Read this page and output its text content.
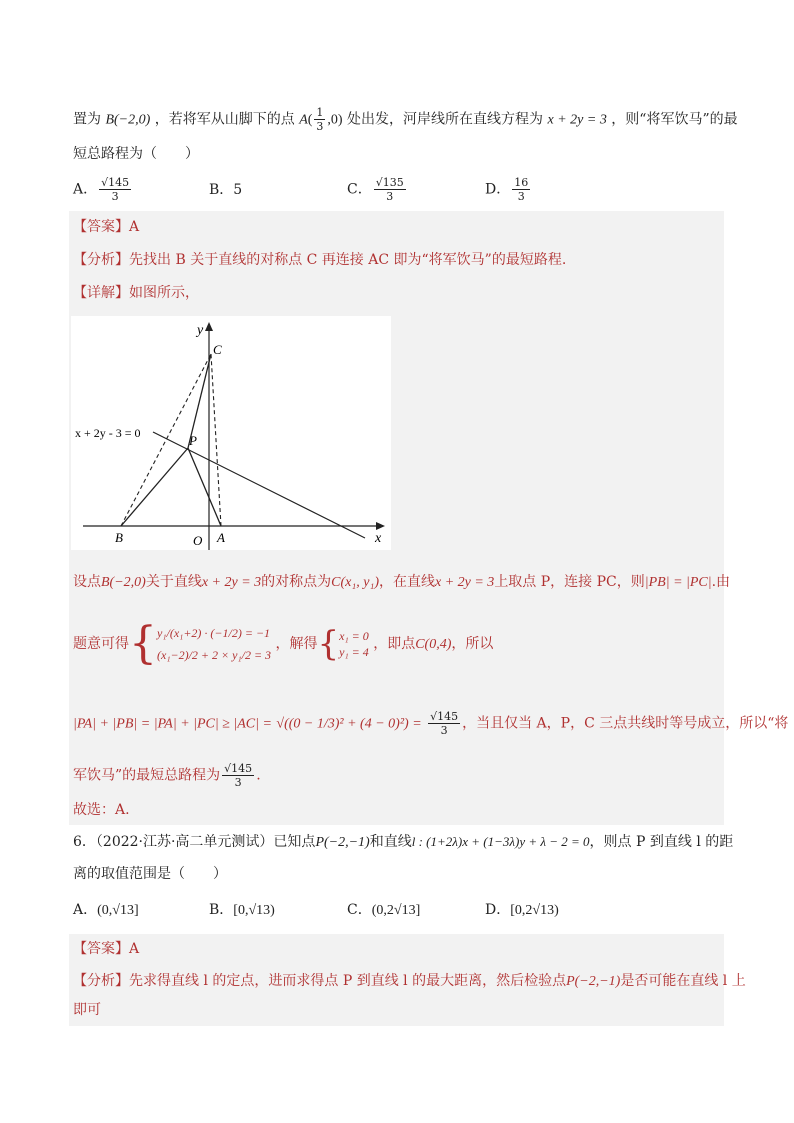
置为 B(−2,0) ，若将军从山脚下的点 $A( \frac{1}{3} ,0)$ 处出发，河岸线所在直线方程为 x + 2y = 3 ，则“将军饮马”的最
短总路程为（　　）
A． $\frac{√145}{3}$	B．5	C． $\frac{√135}{3}$	D． $\frac{16}{3}$
【答案】A
【分析】先找出 B 关于直线的对称点 C 再连接 AC 即为“将军饮马”的最短路程.
【详解】如图所示，
y
x
x + 2y - 3 = 0
C
P
B	O A
设点B(−2,0)关于直线x + 2y = 3的对称点为C(x₁, y₁)，在直线x + 2y = 3上取点 P，连接 PC，则|PB| = |PC|.由
题意可得{y₁/(x₁+2) · (−1/2) = −1
(x₁−2)/2 + 2 × y₁/2 = 3 ，解得{x₁ = 0
y₁ = 4 ，即点C(0,4)，所以
$|PA| + |PB| = |PA| + |PC| \ge |AC| = √((0 - 1/3)^2 + (4 - 0)^2) = \frac{√145}{3}$ ，当且仅当 A，P，C 三点共线时等号成立，所以“将
军饮马”的最短总路程为 $\frac{√145}{3}$ .
故选：A.
6．（2022·江苏·高二单元测试）已知点P(−2,−1)和直线l : (1+2λ)x + (1−3λ)y + λ − 2 = 0，则点 P 到直线 l 的距
离的取值范围是（　　）
A．(0,√13]	B．[0,√13)	C．(0,2√13]	D．[0,2√13)
【答案】A
【分析】先求得直线 l 的定点，进而求得点 P 到直线 l 的最大距离，然后检验点P(−2,−1)是否可能在直线 l 上
即可
